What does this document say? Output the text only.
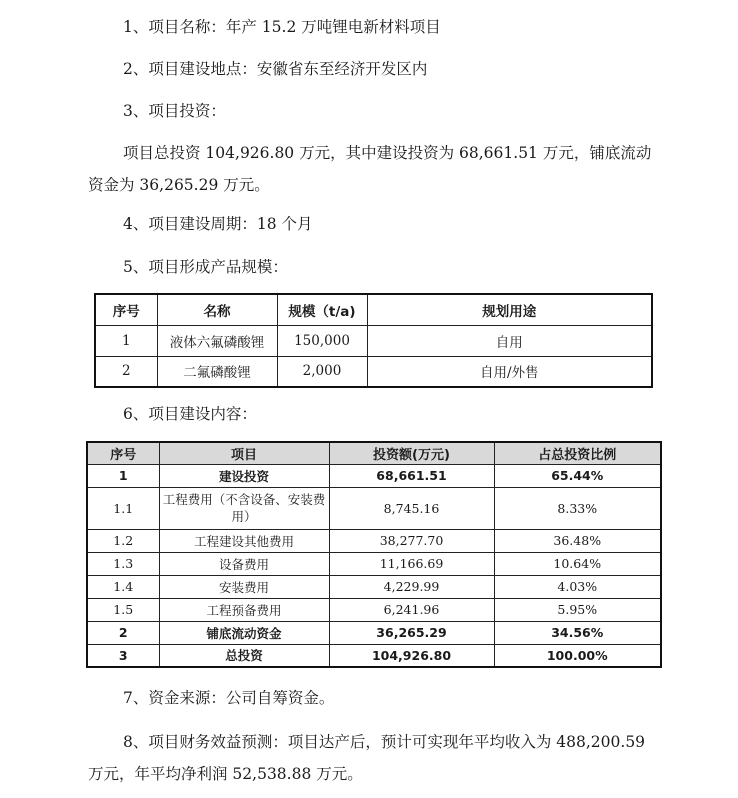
1、项目名称：年产 15.2 万吨锂电新材料项目
2、项目建设地点：安徽省东至经济开发区内
3、项目投资：
项目总投资 104,926.80 万元，其中建设投资为 68,661.51 万元，铺底流动
资金为 36,265.29 万元。
4、项目建设周期：18 个月
5、项目形成产品规模：
序号	名称	规模（t/a)	规划用途
1	液体六氟磷酸锂	150,000	自用
2	二氟磷酸锂	2,000	自用/外售
6、项目建设内容：
序号	项目	投资额(万元)	占总投资比例
1	建设投资	68,661.51	65.44%
1.1	工程费用（不含设备、安装费用）	8,745.16	8.33%
1.2	工程建设其他费用	38,277.70	36.48%
1.3	设备费用	11,166.69	10.64%
1.4	安装费用	4,229.99	4.03%
1.5	工程预备费用	6,241.96	5.95%
2	铺底流动资金	36,265.29	34.56%
3	总投资	104,926.80	100.00%
7、资金来源：公司自筹资金。
8、项目财务效益预测：项目达产后，预计可实现年平均收入为 488,200.59
万元，年平均净利润 52,538.88 万元。
